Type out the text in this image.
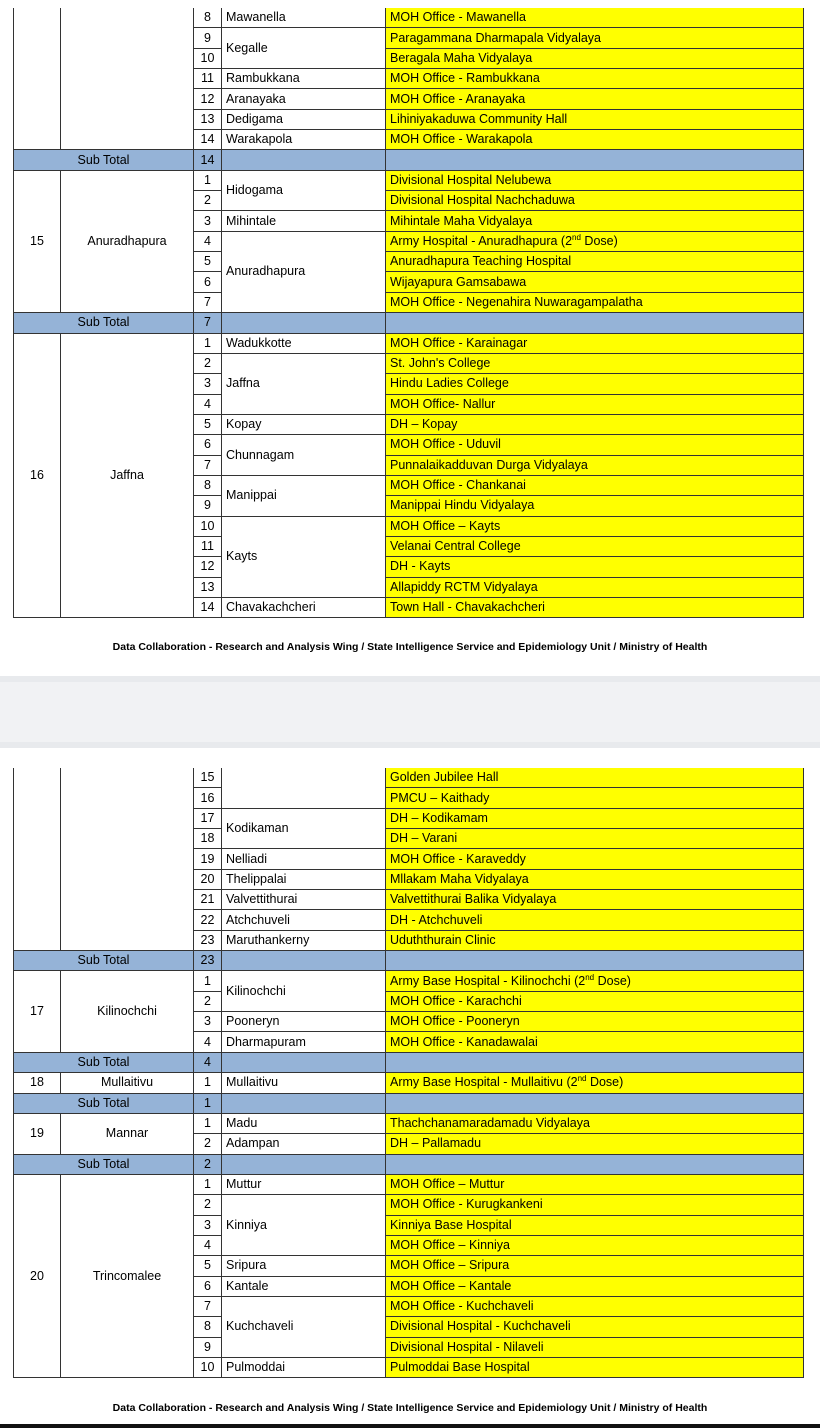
		8	Mawanella	MOH Office - Mawanella
		9	Kegalle	Paragammana Dharmapala Vidyalaya
		10		Beragala Maha Vidyalaya
		11	Rambukkana	MOH Office - Rambukkana
		12	Aranayaka	MOH Office - Aranayaka
		13	Dedigama	Lihiniyakaduwa Community Hall
		14	Warakapola	MOH Office - Warakapola
Sub Total		14		
15	Anuradhapura	1	Hidogama	Divisional Hospital Nelubewa
		2		Divisional Hospital Nachchaduwa
		3	Mihintale	Mihintale Maha Vidyalaya
		4	Anuradhapura	Army Hospital - Anuradhapura (2nd Dose)
		5		Anuradhapura Teaching Hospital
		6		Wijayapura Gamsabawa
		7		MOH Office - Negenahira Nuwaragampalatha
Sub Total		7		
16	Jaffna	1	Wadukkotte	MOH Office - Karainagar
		2	Jaffna	St. John's College
		3		Hindu Ladies College
		4		MOH Office- Nallur
		5	Kopay	DH – Kopay
		6	Chunnagam	MOH Office - Uduvil
		7		Punnalaikadduvan Durga Vidyalaya
		8	Manippai	MOH Office - Chankanai
		9		Manippai Hindu Vidyalaya
		10	Kayts	MOH Office – Kayts
		11		Velanai Central College
		12		DH - Kayts
		13		Allapiddy RCTM Vidyalaya
		14	Chavakachcheri	Town Hall - Chavakachcheri
Data Collaboration - Research and Analysis Wing / State Intelligence Service and Epidemiology Unit / Ministry of Health
		15		Golden Jubilee Hall
		16		PMCU – Kaithady
		17	Kodikaman	DH – Kodikamam
		18		DH – Varani
		19	Nelliadi	MOH Office - Karaveddy
		20	Thelippalai	Mllakam Maha Vidyalaya
		21	Valvettithurai	Valvettithurai Balika Vidyalaya
		22	Atchchuveli	DH - Atchchuveli
		23	Maruthankerny	Uduththurain Clinic
Sub Total		23		
17	Kilinochchi	1	Kilinochchi	Army Base Hospital - Kilinochchi (2nd Dose)
		2		MOH Office - Karachchi
		3	Pooneryn	MOH Office - Pooneryn
		4	Dharmapuram	MOH Office - Kanadawalai
Sub Total		4		
18	Mullaitivu	1	Mullaitivu	Army Base Hospital - Mullaitivu (2nd Dose)
Sub Total		1		
19	Mannar	1	Madu	Thachchanamaradamadu Vidyalaya
		2	Adampan	DH – Pallamadu
Sub Total		2		
20	Trincomalee	1	Muttur	MOH Office – Muttur
		2	Kinniya	MOH Office - Kurugkankeni
		3		Kinniya Base Hospital
		4		MOH Office – Kinniya
		5	Sripura	MOH Office – Sripura
		6	Kantale	MOH Office – Kantale
		7	Kuchchaveli	MOH Office - Kuchchaveli
		8		Divisional Hospital - Kuchchaveli
		9		Divisional Hospital - Nilaveli
		10	Pulmoddai	Pulmoddai Base Hospital
Data Collaboration - Research and Analysis Wing / State Intelligence Service and Epidemiology Unit / Ministry of Health
